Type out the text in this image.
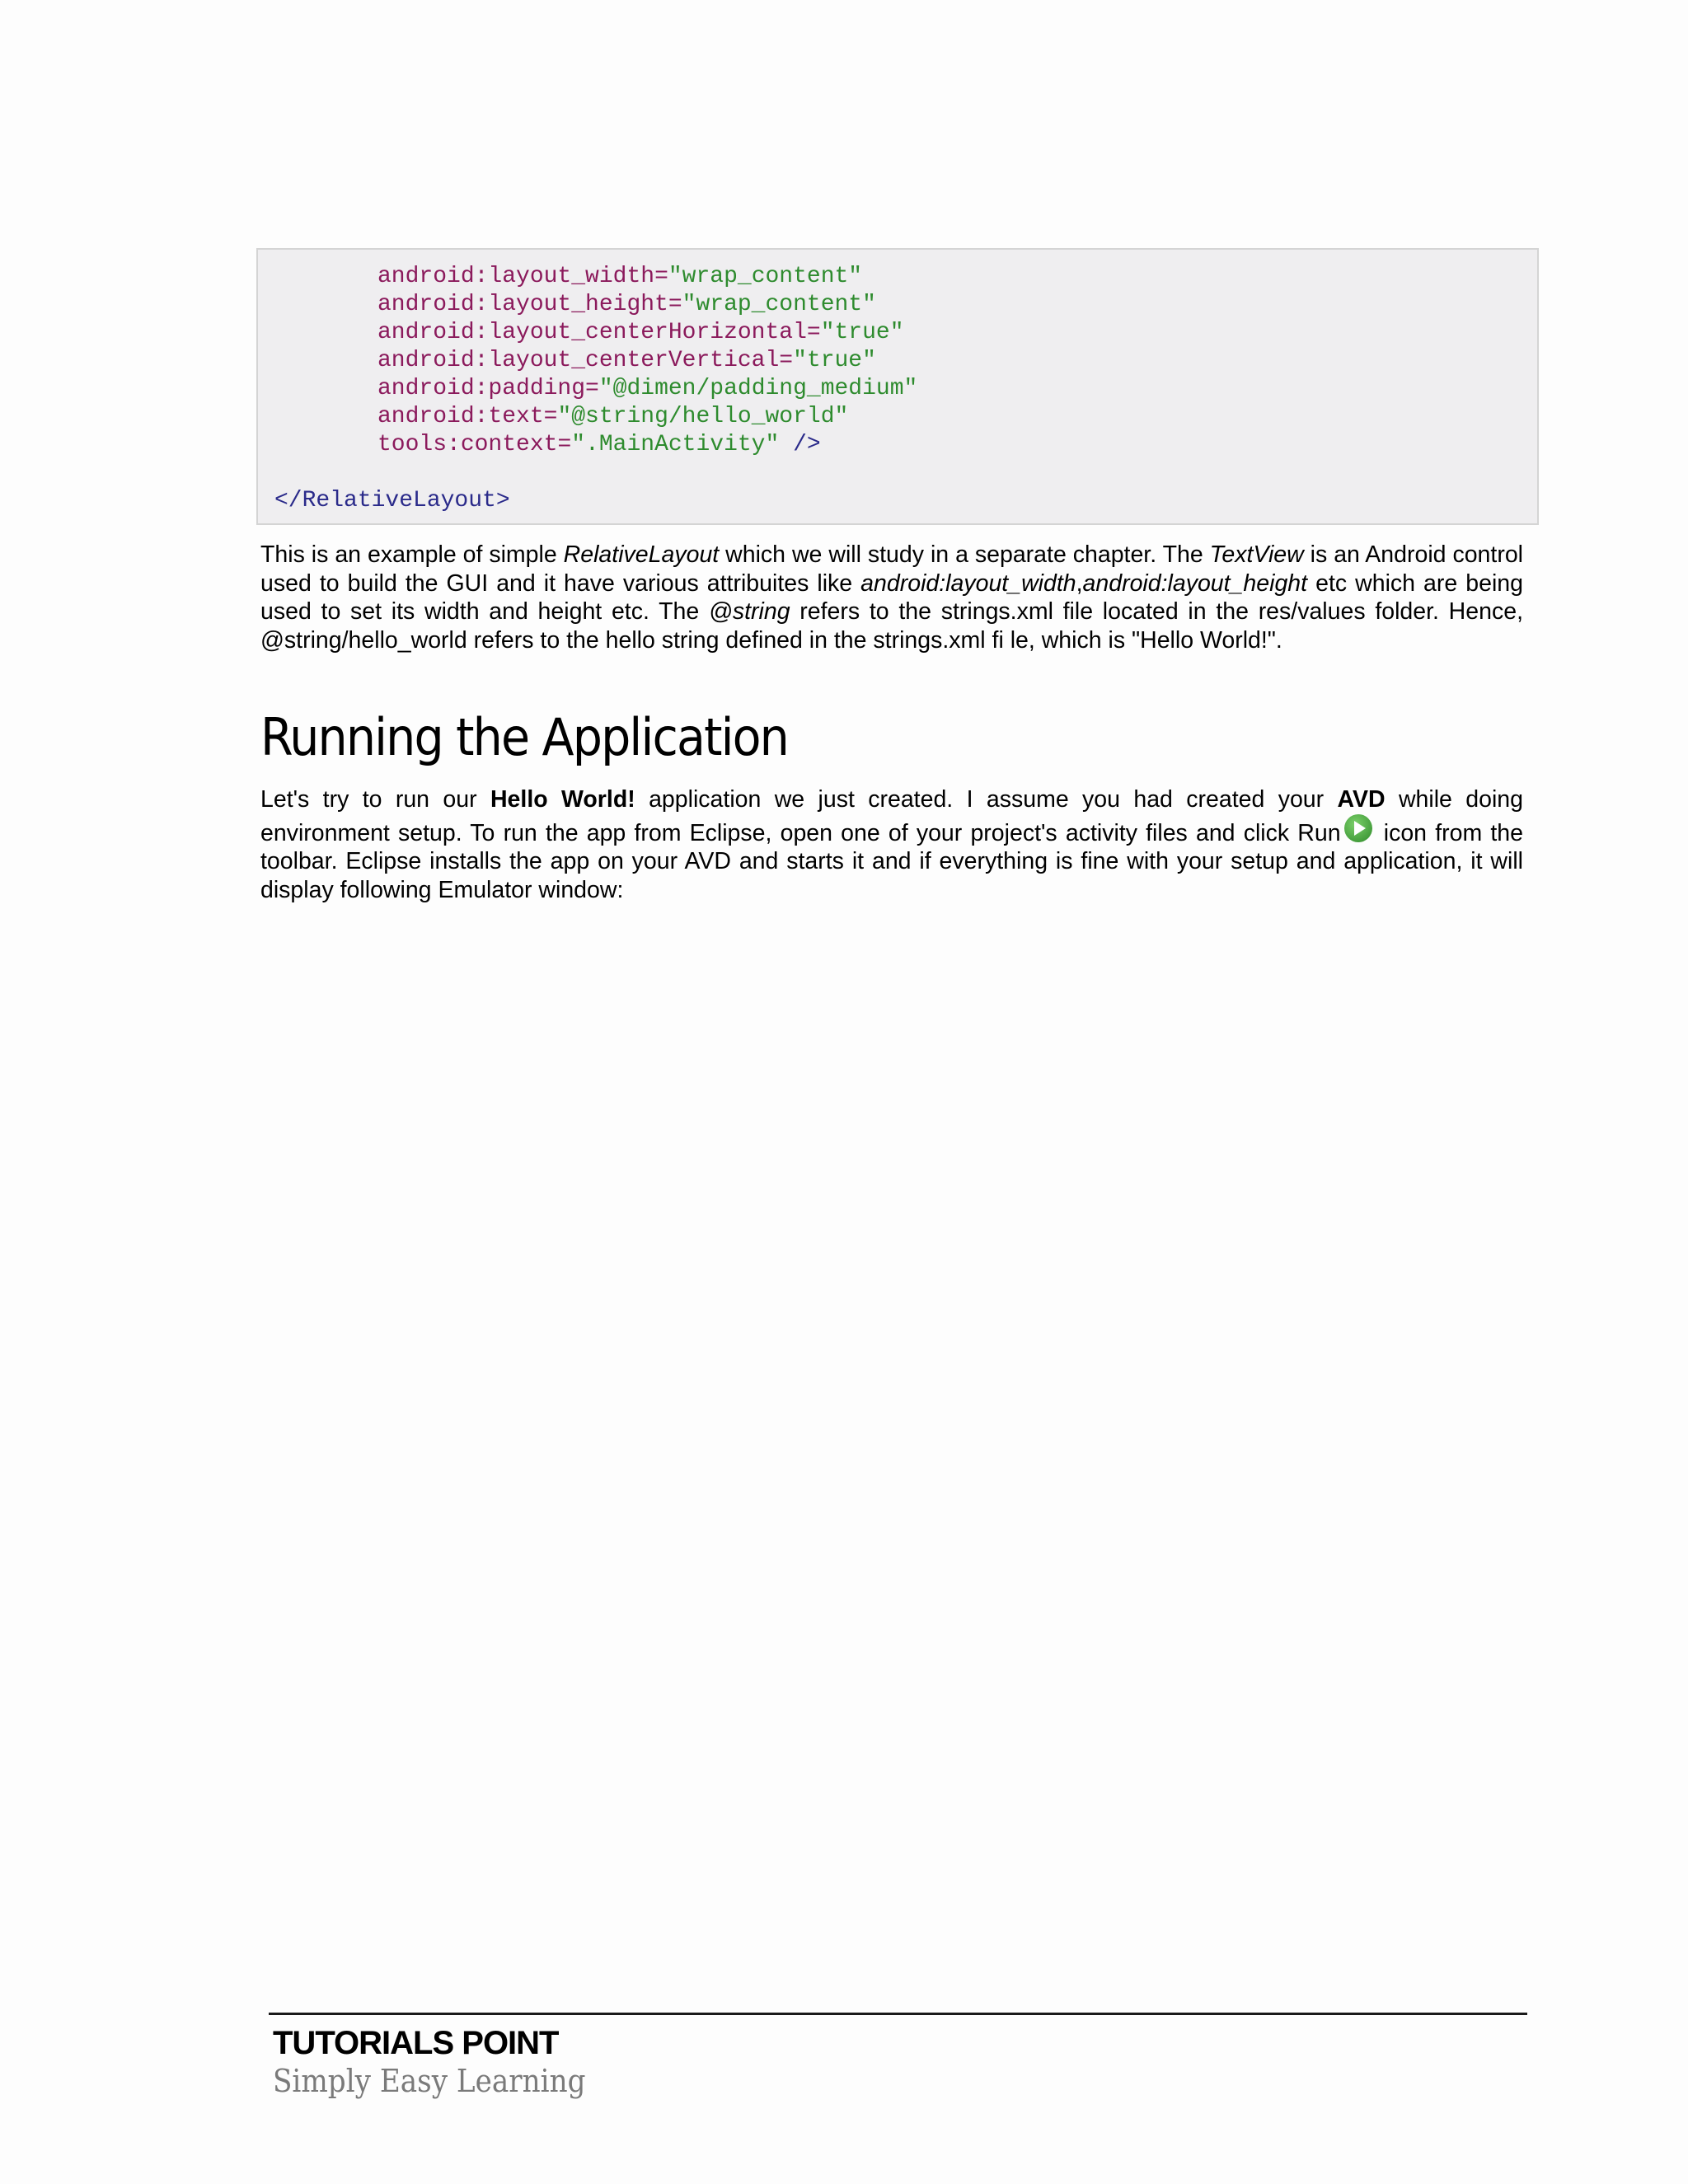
android:layout_width="wrap_content"
android:layout_height="wrap_content"
android:layout_centerHorizontal="true"
android:layout_centerVertical="true"
android:padding="@dimen/padding_medium"
android:text="@string/hello_world"
tools:context=".MainActivity" />
</RelativeLayout>

This is an example of simple RelativeLayout which we will study in a separate chapter. The TextView is an Android control used to build the GUI and it have various attribuites like android:layout_width,android:layout_height etc which are being used to set its width and height etc. The @string refers to the strings.xml file located in the res/values folder. Hence, @string/hello_world refers to the hello string defined in the strings.xml fi le, which is "Hello World!".

Running the Application

Let's try to run our Hello World! application we just created. I assume you had created your AVD while doing environment setup. To run the app from Eclipse, open one of your project's activity files and click Run icon from the toolbar. Eclipse installs the app on your AVD and starts it and if everything is fine with your setup and application, it will display following Emulator window:

TUTORIALS POINT
Simply Easy Learning
